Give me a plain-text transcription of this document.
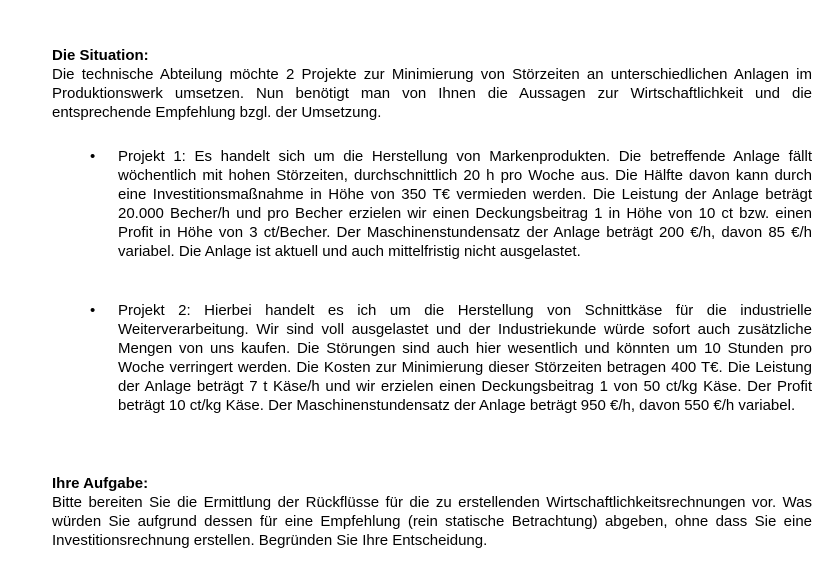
Die Situation:
Die technische Abteilung möchte 2 Projekte zur Minimierung von Störzeiten an unterschiedlichen Anlagen im Produktionswerk umsetzen. Nun benötigt man von Ihnen die Aussagen zur Wirtschaftlichkeit und die entsprechende Empfehlung bzgl. der Umsetzung.
•	Projekt 1: Es handelt sich um die Herstellung von Markenprodukten. Die betreffende Anlage fällt wöchentlich mit hohen Störzeiten, durchschnittlich 20 h pro Woche aus. Die Hälfte davon kann durch eine Investitionsmaßnahme in Höhe von 350 T€ vermieden werden. Die Leistung der Anlage beträgt 20.000 Becher/h und pro Becher erzielen wir einen Deckungsbeitrag 1 in Höhe von 10 ct bzw. einen Profit in Höhe von 3 ct/Becher. Der Maschinenstundensatz der Anlage beträgt 200 €/h, davon 85 €/h variabel. Die Anlage ist aktuell und auch mittelfristig nicht ausgelastet.
•	Projekt 2: Hierbei handelt es ich um die Herstellung von Schnittkäse für die industrielle Weiterverarbeitung. Wir sind voll ausgelastet und der Industriekunde würde sofort auch zusätzliche Mengen von uns kaufen. Die Störungen sind auch hier wesentlich und könnten um 10 Stunden pro Woche verringert werden. Die Kosten zur Minimierung dieser Störzeiten betragen 400 T€. Die Leistung der Anlage beträgt 7 t Käse/h und wir erzielen einen Deckungsbeitrag 1 von 50 ct/kg Käse. Der Profit beträgt 10 ct/kg Käse. Der Maschinenstundensatz der Anlage beträgt 950 €/h, davon 550 €/h variabel.
Ihre Aufgabe:
Bitte bereiten Sie die Ermittlung der Rückflüsse für die zu erstellenden Wirtschaftlichkeitsrechnungen vor. Was würden Sie aufgrund dessen für eine Empfehlung (rein statische Betrachtung) abgeben, ohne dass Sie eine Investitionsrechnung erstellen. Begründen Sie Ihre Entscheidung.
